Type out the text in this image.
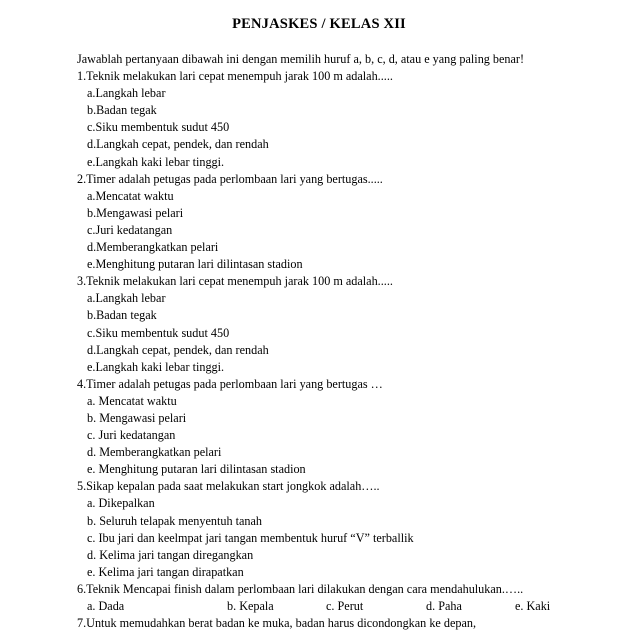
PENJASKES / KELAS XII
Jawablah pertanyaan dibawah ini dengan memilih huruf a, b, c, d, atau e yang paling benar!
1.Teknik melakukan lari cepat menempuh jarak 100 m adalah.....
a.Langkah lebar
b.Badan tegak
c.Siku membentuk sudut 450
d.Langkah cepat, pendek, dan rendah
e.Langkah kaki lebar tinggi.
2.Timer adalah petugas pada perlombaan lari yang bertugas.....
a.Mencatat waktu
b.Mengawasi pelari
c.Juri kedatangan
d.Memberangkatkan pelari
e.Menghitung putaran lari dilintasan stadion
3.Teknik melakukan lari cepat menempuh jarak 100 m adalah.....
a.Langkah lebar
b.Badan tegak
c.Siku membentuk sudut 450
d.Langkah cepat, pendek, dan rendah
e.Langkah kaki lebar tinggi.
4.Timer adalah petugas pada perlombaan lari yang bertugas …
a. Mencatat waktu
b. Mengawasi pelari
c. Juri kedatangan
d. Memberangkatkan pelari
e. Menghitung putaran lari dilintasan stadion
5.Sikap kepalan pada saat melakukan start jongkok adalah…..
a. Dikepalkan
b. Seluruh telapak menyentuh tanah
c. Ibu jari dan keelmpat jari tangan membentuk huruf “V” terballik
d. Kelima jari tangan diregangkan
e. Kelima jari tangan dirapatkan
6.Teknik Mencapai finish dalam perlombaan lari dilakukan dengan cara mendahulukan.…..
a. Dada	b. Kepala	c. Perut	d. Paha	e. Kaki
7.Untuk memudahkan berat badan ke muka, badan harus dicondongkan ke depan,
